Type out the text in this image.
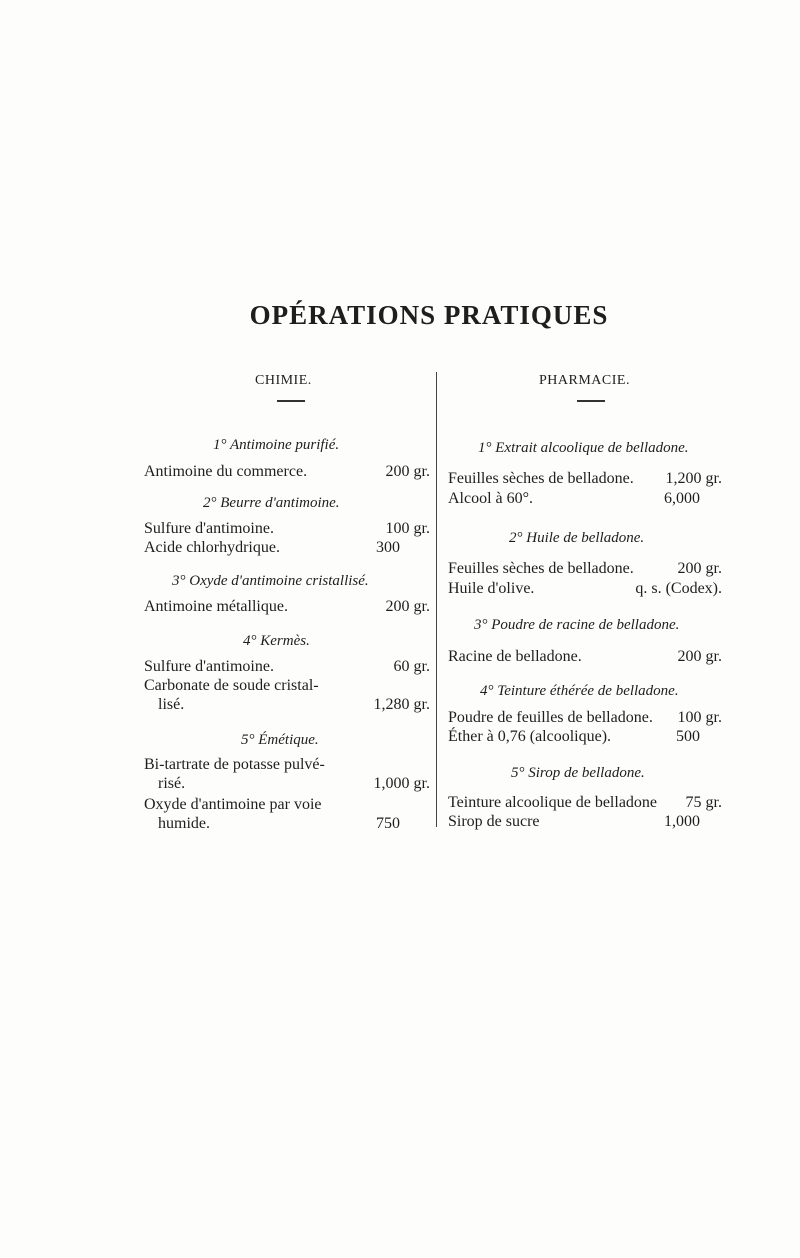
OPÉRATIONS PRATIQUES
CHIMIE.	PHARMACIE.
1° Antimoine purifié.
Antimoine du commerce.	200 gr.
2° Beurre d'antimoine.
Sulfure d'antimoine.	100 gr.
Acide chlorhydrique.	300
3° Oxyde d'antimoine cristallisé.
Antimoine métallique.	200 gr.
4° Kermès.
Sulfure d'antimoine.	60 gr.
Carbonate de soude cristal-
lisé.	1,280 gr.
5° Émétique.
Bi-tartrate de potasse pulvé-
risé.	1,000 gr.
Oxyde d'antimoine par voie
humide.	750
1° Extrait alcoolique de belladone.
Feuilles sèches de belladone.	1,200 gr.
Alcool à 60°.	6,000
2° Huile de belladone.
Feuilles sèches de belladone.	200 gr.
Huile d'olive.	q. s. (Codex).
3° Poudre de racine de belladone.
Racine de belladone.	200 gr.
4° Teinture éthérée de belladone.
Poudre de feuilles de belladone.	100 gr.
Éther à 0,76 (alcoolique).	500
5° Sirop de belladone.
Teinture alcoolique de belladone	75 gr.
Sirop de sucre	1,000
